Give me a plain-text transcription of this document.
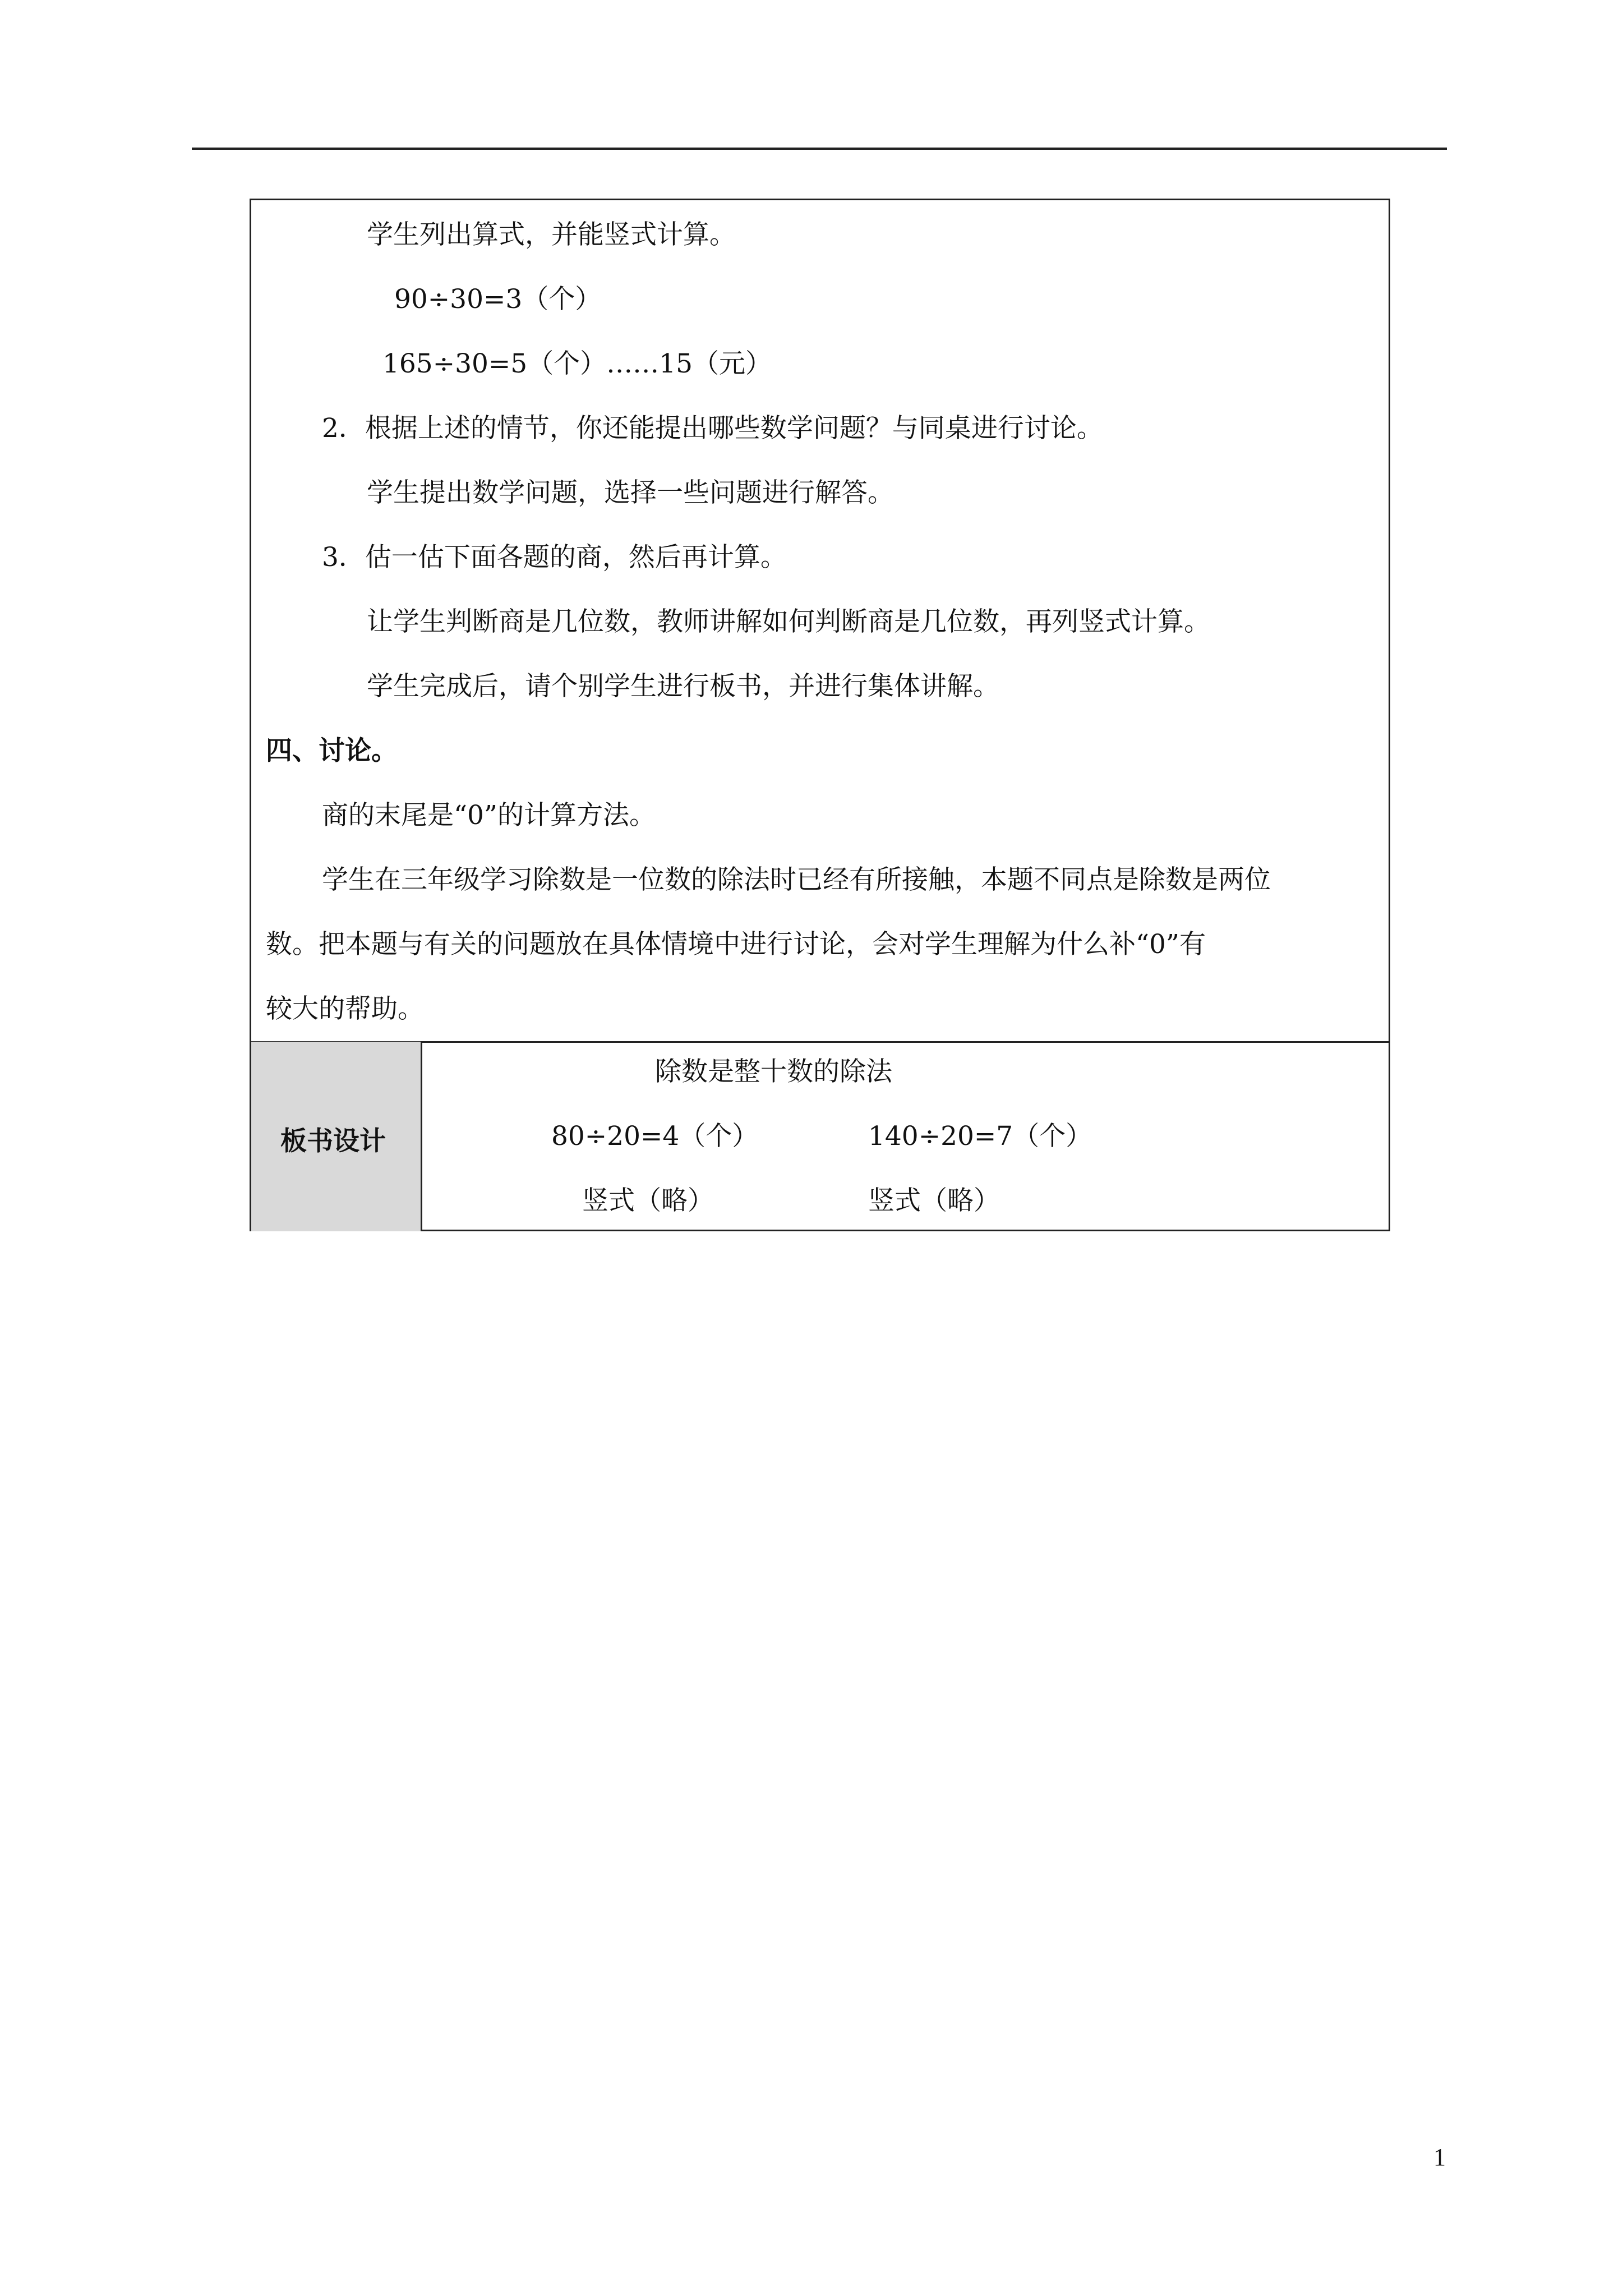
学生列出算式，并能竖式计算。
90÷30=3（个）
165÷30=5（个）……15（元）
2．根据上述的情节，你还能提出哪些数学问题？与同桌进行讨论。
学生提出数学问题，选择一些问题进行解答。
3．估一估下面各题的商，然后再计算。
让学生判断商是几位数，教师讲解如何判断商是几位数，再列竖式计算。
学生完成后，请个别学生进行板书，并进行集体讲解。
四、讨论。
商的末尾是“0”的计算方法。
学生在三年级学习除数是一位数的除法时已经有所接触，本题不同点是除数是两位
数。把本题与有关的问题放在具体情境中进行讨论，会对学生理解为什么补“0”有
较大的帮助。
板书设计
除数是整十数的除法
80÷20=4（个）	140÷20=7（个）
竖式（略）	竖式（略）
1
